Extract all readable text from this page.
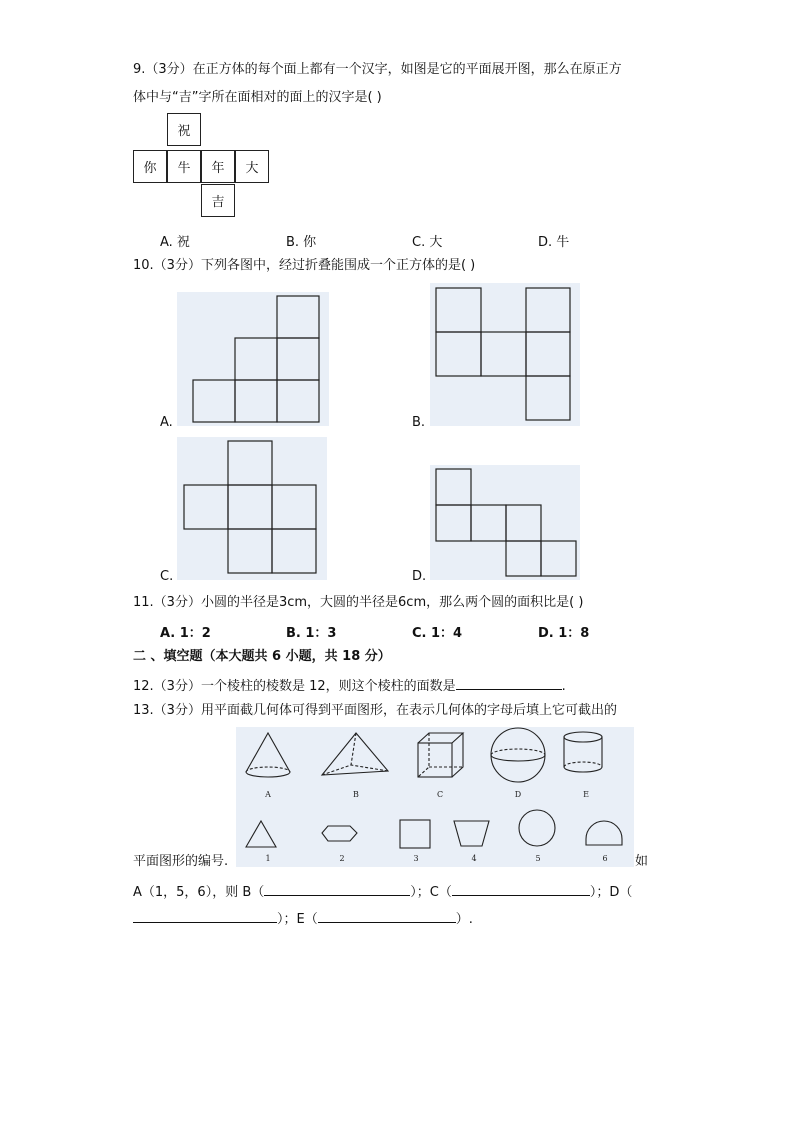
9.（3分）在正方体的每个面上都有一个汉字，如图是它的平面展开图，那么在原正方
体中与“吉”字所在面相对的面上的汉字是( )
祝
你	牛	年	大
吉
A. 祝	B. 你	C. 大	D. 牛
10.（3分）下列各图中，经过折叠能围成一个正方体的是( )
A.	B.
C.	D.
11.（3分）小圆的半径是3cm，大圆的半径是6cm，那么两个圆的面积比是( )
A. 1：2	B. 1：3	C. 1：4	D. 1：8
二 、填空题（本大题共 6 小题，共 18 分）
12.（3分）一个棱柱的棱数是 12，则这个棱柱的面数是	.
13.（3分）用平面截几何体可得到平面图形，在表示几何体的字母后填上它可截出的
A	B	C	D	E
1	2	3	4	5	6
平面图形的编号.	如
A（1，5，6），则 B（	）；C（	）；D（
）；E（	）.
